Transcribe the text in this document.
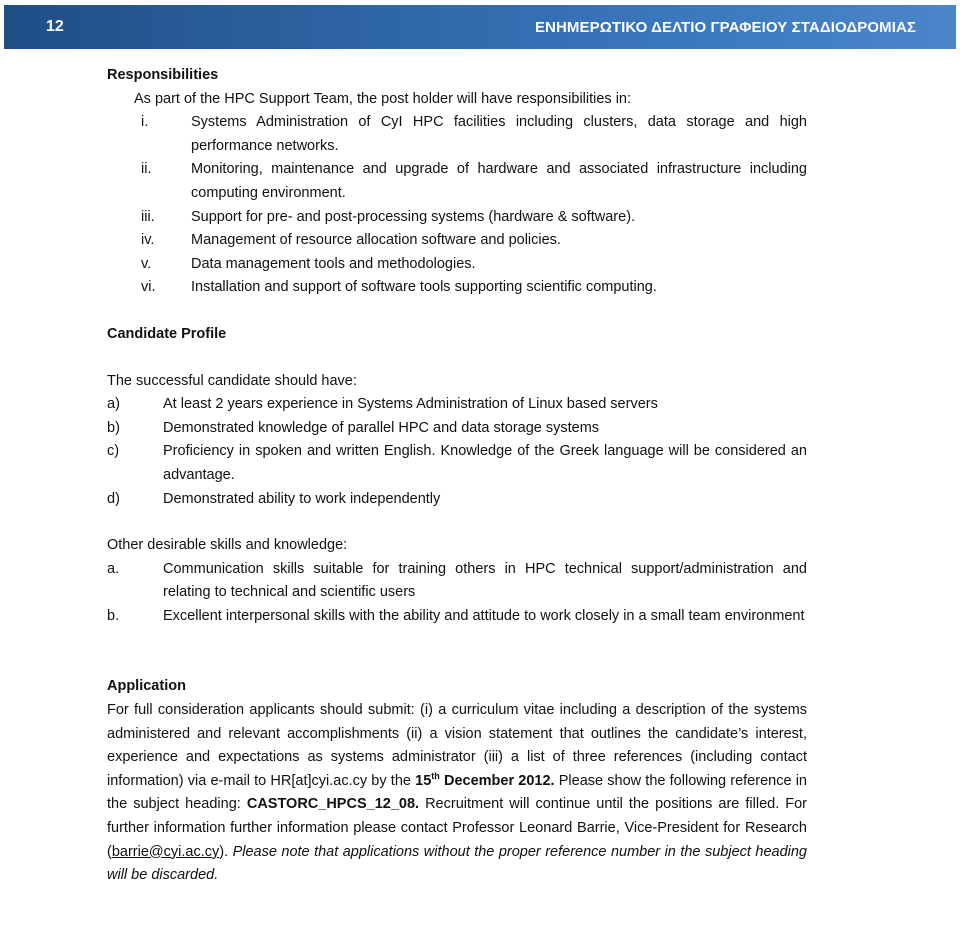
12	ΕΝΗΜΕΡΩΤΙΚΟ ΔΕΛΤΙΟ ΓΡΑΦΕΙΟΥ ΣΤΑΔΙΟΔΡΟΜΙΑΣ
Responsibilities
As part of the HPC Support Team, the post holder will have responsibilities in:
i.	Systems Administration of CyI HPC facilities including clusters, data storage and high performance networks.
ii.	Monitoring, maintenance and upgrade of hardware and associated infrastructure including computing environment.
iii.	Support for pre- and post-processing systems (hardware & software).
iv.	Management of resource allocation software and policies.
v.	Data management tools and methodologies.
vi.	Installation and support of software tools supporting scientific computing.
Candidate Profile
The successful candidate should have:
a)	At least 2 years experience in Systems Administration of Linux based servers
b)	Demonstrated knowledge of parallel HPC and data storage systems
c)	Proficiency in spoken and written English. Knowledge of the Greek language will be considered an advantage.
d)	Demonstrated ability to work independently
Other desirable skills and knowledge:
a.	Communication skills suitable for training others in HPC technical support/administration and relating to technical and scientific users
b.	Excellent interpersonal skills with the ability and attitude to work closely in a small team environment
Application
For full consideration applicants should submit: (i) a curriculum vitae including a description of the systems administered and relevant accomplishments (ii) a vision statement that outlines the candidate’s interest, experience and expectations as systems administrator (iii) a list of three references (including contact information) via e-mail to HR[at]cyi.ac.cy by the 15th December 2012. Please show the following reference in the subject heading: CASTORC_HPCS_12_08. Recruitment will continue until the positions are filled. For further information further information please contact Professor Leonard Barrie, Vice-President for Research (barrie@cyi.ac.cy). Please note that applications without the proper reference number in the subject heading will be discarded.
